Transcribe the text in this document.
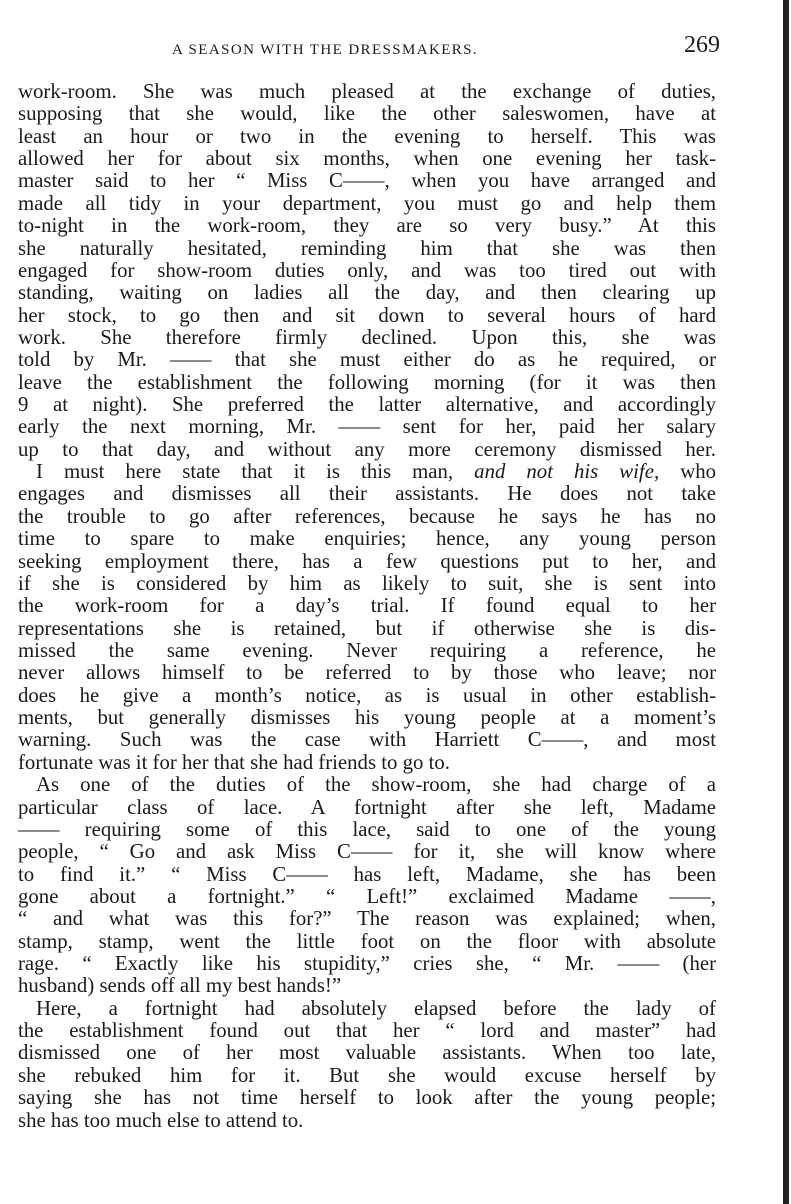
A SEASON WITH THE DRESSMAKERS.	269
work-room. She was much pleased at the exchange of duties,
supposing that she would, like the other saleswomen, have at
least an hour or two in the evening to herself. This was
allowed her for about six months, when one evening her task-
master said to her “ Miss C——, when you have arranged and
made all tidy in your department, you must go and help them
to-night in the work-room, they are so very busy.” At this
she naturally hesitated, reminding him that she was then
engaged for show-room duties only, and was too tired out with
standing, waiting on ladies all the day, and then clearing up
her stock, to go then and sit down to several hours of hard
work. She therefore firmly declined. Upon this, she was
told by Mr. —— that she must either do as he required, or
leave the establishment the following morning (for it was then
9 at night). She preferred the latter alternative, and accordingly
early the next morning, Mr. —— sent for her, paid her salary
up to that day, and without any more ceremony dismissed her.
I must here state that it is this man, and not his wife, who
engages and dismisses all their assistants. He does not take
the trouble to go after references, because he says he has no
time to spare to make enquiries; hence, any young person
seeking employment there, has a few questions put to her, and
if she is considered by him as likely to suit, she is sent into
the work-room for a day’s trial. If found equal to her
representations she is retained, but if otherwise she is dis-
missed the same evening. Never requiring a reference, he
never allows himself to be referred to by those who leave; nor
does he give a month’s notice, as is usual in other establish-
ments, but generally dismisses his young people at a moment’s
warning. Such was the case with Harriett C——, and most
fortunate was it for her that she had friends to go to.
As one of the duties of the show-room, she had charge of a
particular class of lace. A fortnight after she left, Madame
—— requiring some of this lace, said to one of the young
people, “ Go and ask Miss C—— for it, she will know where
to find it.” “ Miss C—— has left, Madame, she has been
gone about a fortnight.” “ Left!” exclaimed Madame ——,
“ and what was this for?” The reason was explained; when,
stamp, stamp, went the little foot on the floor with absolute
rage. “ Exactly like his stupidity,” cries she, “ Mr. —— (her
husband) sends off all my best hands!”
Here, a fortnight had absolutely elapsed before the lady of
the establishment found out that her “ lord and master” had
dismissed one of her most valuable assistants. When too late,
she rebuked him for it. But she would excuse herself by
saying she has not time herself to look after the young people;
she has too much else to attend to.
